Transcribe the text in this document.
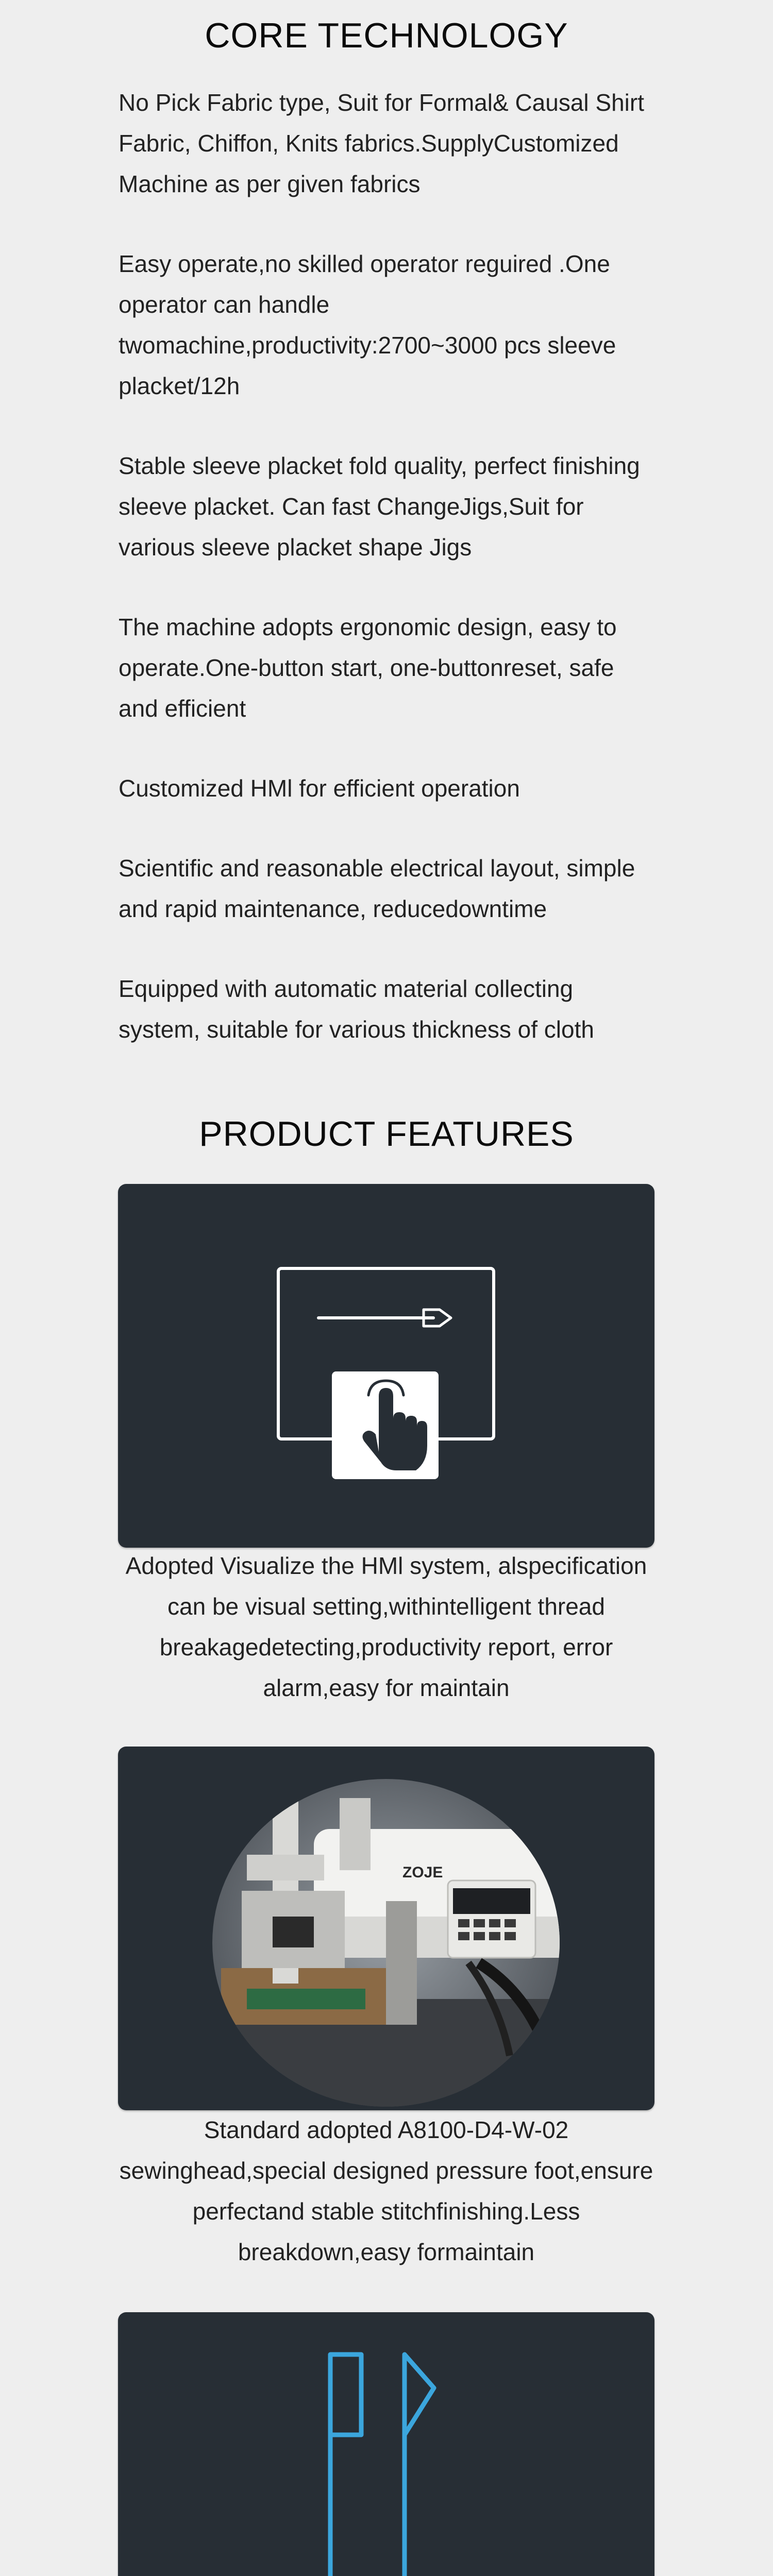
CORE TECHNOLOGY
No Pick Fabric type, Suit for Formal& Causal Shirt Fabric, Chiffon, Knits fabrics.SupplyCustomized Machine as per given fabrics
Easy operate,no skilled operator reguired .One operator can handle twomachine,productivity:2700~3000 pcs sleeve placket/12h
Stable sleeve placket fold quality, perfect finishing sleeve placket. Can fast ChangeJigs,Suit for various sleeve placket shape Jigs
The machine adopts ergonomic design, easy to operate.One-button start, one-buttonreset, safe and efficient
Customized HMl for efficient operation
Scientific and reasonable electrical layout, simple and rapid maintenance, reducedowntime
Equipped with automatic material collecting system, suitable for various thickness of cloth
PRODUCT FEATURES
Adopted Visualize the HMl system, alspecification can be visual setting,withintelligent thread breakagedetecting,productivity report, error alarm,easy for maintain
ZOJE
Standard adopted A8100-D4-W-02 sewinghead,special designed pressure foot,ensure perfectand stable stitchfinishing.Less breakdown,easy formaintain
